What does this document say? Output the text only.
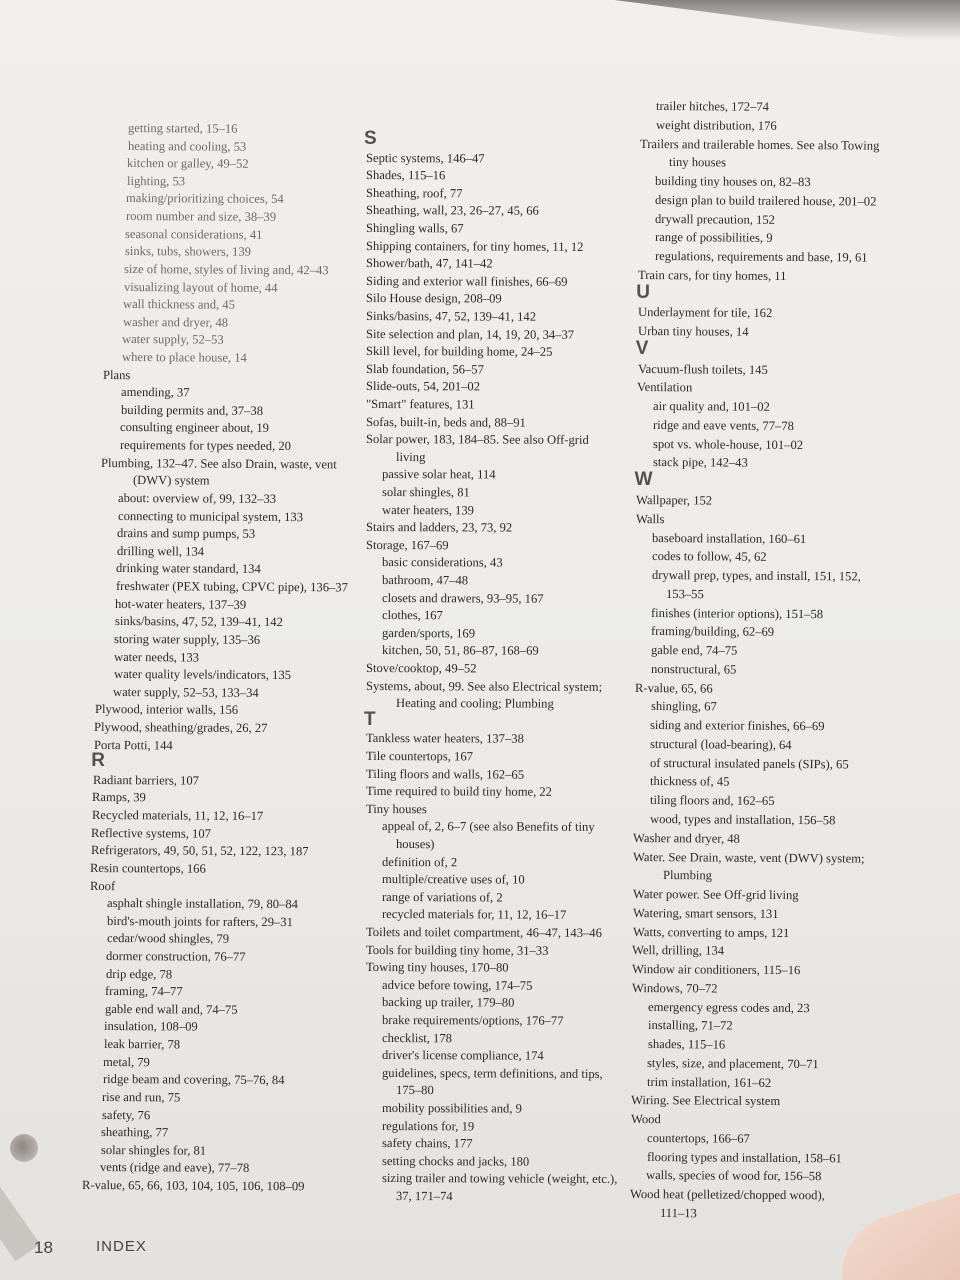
getting started, 15–16
heating and cooling, 53
kitchen or galley, 49–52
lighting, 53
making/prioritizing choices, 54
room number and size, 38–39
seasonal considerations, 41
sinks, tubs, showers, 139
size of home, styles of living and, 42–43
visualizing layout of home, 44
wall thickness and, 45
washer and dryer, 48
water supply, 52–53
where to place house, 14
Plans
amending, 37
building permits and, 37–38
consulting engineer about, 19
requirements for types needed, 20
Plumbing, 132–47. See also Drain, waste, vent
(DWV) system
about: overview of, 99, 132–33
connecting to municipal system, 133
drains and sump pumps, 53
drilling well, 134
drinking water standard, 134
freshwater (PEX tubing, CPVC pipe), 136–37
hot-water heaters, 137–39
sinks/basins, 47, 52, 139–41, 142
storing water supply, 135–36
water needs, 133
water quality levels/indicators, 135
water supply, 52–53, 133–34
Plywood, interior walls, 156
Plywood, sheathing/grades, 26, 27
Porta Potti, 144
R
Radiant barriers, 107
Ramps, 39
Recycled materials, 11, 12, 16–17
Reflective systems, 107
Refrigerators, 49, 50, 51, 52, 122, 123, 187
Resin countertops, 166
Roof
asphalt shingle installation, 79, 80–84
bird's-mouth joints for rafters, 29–31
cedar/wood shingles, 79
dormer construction, 76–77
drip edge, 78
framing, 74–77
gable end wall and, 74–75
insulation, 108–09
leak barrier, 78
metal, 79
ridge beam and covering, 75–76, 84
rise and run, 75
safety, 76
sheathing, 77
solar shingles for, 81
vents (ridge and eave), 77–78
R-value, 65, 66, 103, 104, 105, 106, 108–09
S
Septic systems, 146–47
Shades, 115–16
Sheathing, roof, 77
Sheathing, wall, 23, 26–27, 45, 66
Shingling walls, 67
Shipping containers, for tiny homes, 11, 12
Shower/bath, 47, 141–42
Siding and exterior wall finishes, 66–69
Silo House design, 208–09
Sinks/basins, 47, 52, 139–41, 142
Site selection and plan, 14, 19, 20, 34–37
Skill level, for building home, 24–25
Slab foundation, 56–57
Slide-outs, 54, 201–02
"Smart" features, 131
Sofas, built-in, beds and, 88–91
Solar power, 183, 184–85. See also Off-grid
living
passive solar heat, 114
solar shingles, 81
water heaters, 139
Stairs and ladders, 23, 73, 92
Storage, 167–69
basic considerations, 43
bathroom, 47–48
closets and drawers, 93–95, 167
clothes, 167
garden/sports, 169
kitchen, 50, 51, 86–87, 168–69
Stove/cooktop, 49–52
Systems, about, 99. See also Electrical system;
Heating and cooling; Plumbing
T
Tankless water heaters, 137–38
Tile countertops, 167
Tiling floors and walls, 162–65
Time required to build tiny home, 22
Tiny houses
appeal of, 2, 6–7 (see also Benefits of tiny
houses)
definition of, 2
multiple/creative uses of, 10
range of variations of, 2
recycled materials for, 11, 12, 16–17
Toilets and toilet compartment, 46–47, 143–46
Tools for building tiny home, 31–33
Towing tiny houses, 170–80
advice before towing, 174–75
backing up trailer, 179–80
brake requirements/options, 176–77
checklist, 178
driver's license compliance, 174
guidelines, specs, term definitions, and tips,
175–80
mobility possibilities and, 9
regulations for, 19
safety chains, 177
setting chocks and jacks, 180
sizing trailer and towing vehicle (weight, etc.),
37, 171–74
trailer hitches, 172–74
weight distribution, 176
Trailers and trailerable homes. See also Towing
tiny houses
building tiny houses on, 82–83
design plan to build trailered house, 201–02
drywall precaution, 152
range of possibilities, 9
regulations, requirements and base, 19, 61
Train cars, for tiny homes, 11
U
Underlayment for tile, 162
Urban tiny houses, 14
V
Vacuum-flush toilets, 145
Ventilation
air quality and, 101–02
ridge and eave vents, 77–78
spot vs. whole-house, 101–02
stack pipe, 142–43
W
Wallpaper, 152
Walls
baseboard installation, 160–61
codes to follow, 45, 62
drywall prep, types, and install, 151, 152,
153–55
finishes (interior options), 151–58
framing/building, 62–69
gable end, 74–75
nonstructural, 65
R-value, 65, 66
shingling, 67
siding and exterior finishes, 66–69
structural (load-bearing), 64
of structural insulated panels (SIPs), 65
thickness of, 45
tiling floors and, 162–65
wood, types and installation, 156–58
Washer and dryer, 48
Water. See Drain, waste, vent (DWV) system;
Plumbing
Water power. See Off-grid living
Watering, smart sensors, 131
Watts, converting to amps, 121
Well, drilling, 134
Window air conditioners, 115–16
Windows, 70–72
emergency egress codes and, 23
installing, 71–72
shades, 115–16
styles, size, and placement, 70–71
trim installation, 161–62
Wiring. See Electrical system
Wood
countertops, 166–67
flooring types and installation, 158–61
walls, species of wood for, 156–58
Wood heat (pelletized/chopped wood),
111–13
18	INDEX
